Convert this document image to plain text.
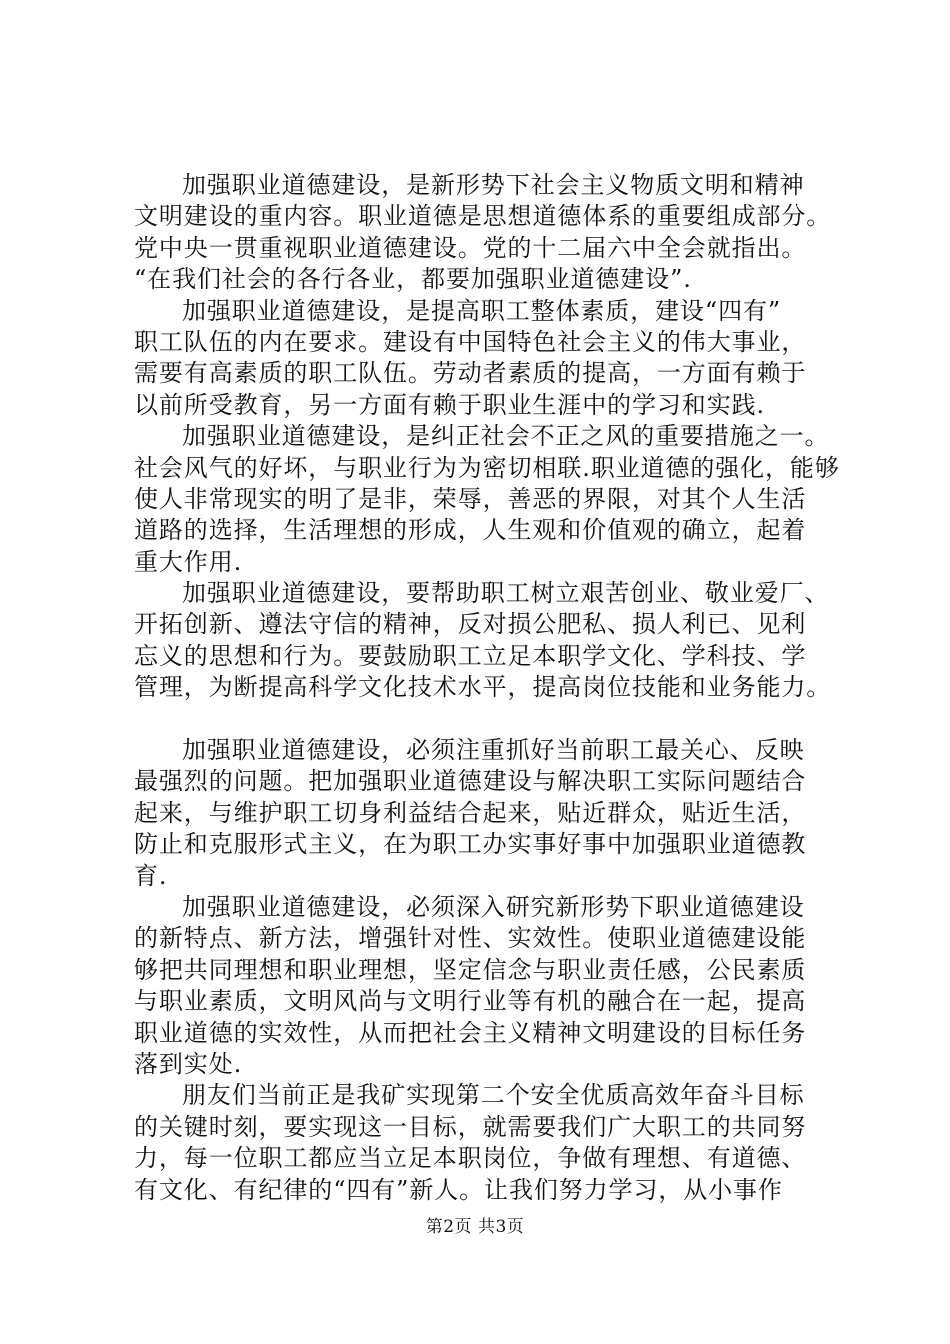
加强职业道德建设，是新形势下社会主义物质文明和精神
文明建设的重内容。职业道德是思想道德体系的重要组成部分。
党中央一贯重视职业道德建设。党的十二届六中全会就指出。
“在我们社会的各行各业，都要加强职业道德建设”.
加强职业道德建设，是提高职工整体素质，建设“四有”
职工队伍的内在要求。建设有中国特色社会主义的伟大事业，
需要有高素质的职工队伍。劳动者素质的提高，一方面有赖于
以前所受教育，另一方面有赖于职业生涯中的学习和实践.
加强职业道德建设，是纠正社会不正之风的重要措施之一。
社会风气的好坏，与职业行为为密切相联.职业道德的强化，能够
使人非常现实的明了是非，荣辱，善恶的界限，对其个人生活
道路的选择，生活理想的形成，人生观和价值观的确立，起着
重大作用.
加强职业道德建设，要帮助职工树立艰苦创业、敬业爱厂、
开拓创新、遵法守信的精神，反对损公肥私、损人利已、见利
忘义的思想和行为。要鼓励职工立足本职学文化、学科技、学
管理，为断提高科学文化技术水平，提高岗位技能和业务能力。
加强职业道德建设，必须注重抓好当前职工最关心、反映
最强烈的问题。把加强职业道德建设与解决职工实际问题结合
起来，与维护职工切身利益结合起来，贴近群众，贴近生活，
防止和克服形式主义，在为职工办实事好事中加强职业道德教
育.
加强职业道德建设，必须深入研究新形势下职业道德建设
的新特点、新方法，增强针对性、实效性。使职业道德建设能
够把共同理想和职业理想，坚定信念与职业责任感，公民素质
与职业素质，文明风尚与文明行业等有机的融合在一起，提高
职业道德的实效性，从而把社会主义精神文明建设的目标任务
落到实处.
朋友们当前正是我矿实现第二个安全优质高效年奋斗目标
的关键时刻，要实现这一目标，就需要我们广大职工的共同努
力，每一位职工都应当立足本职岗位，争做有理想、有道德、
有文化、有纪律的“四有”新人。让我们努力学习，从小事作
第2页 共3页
